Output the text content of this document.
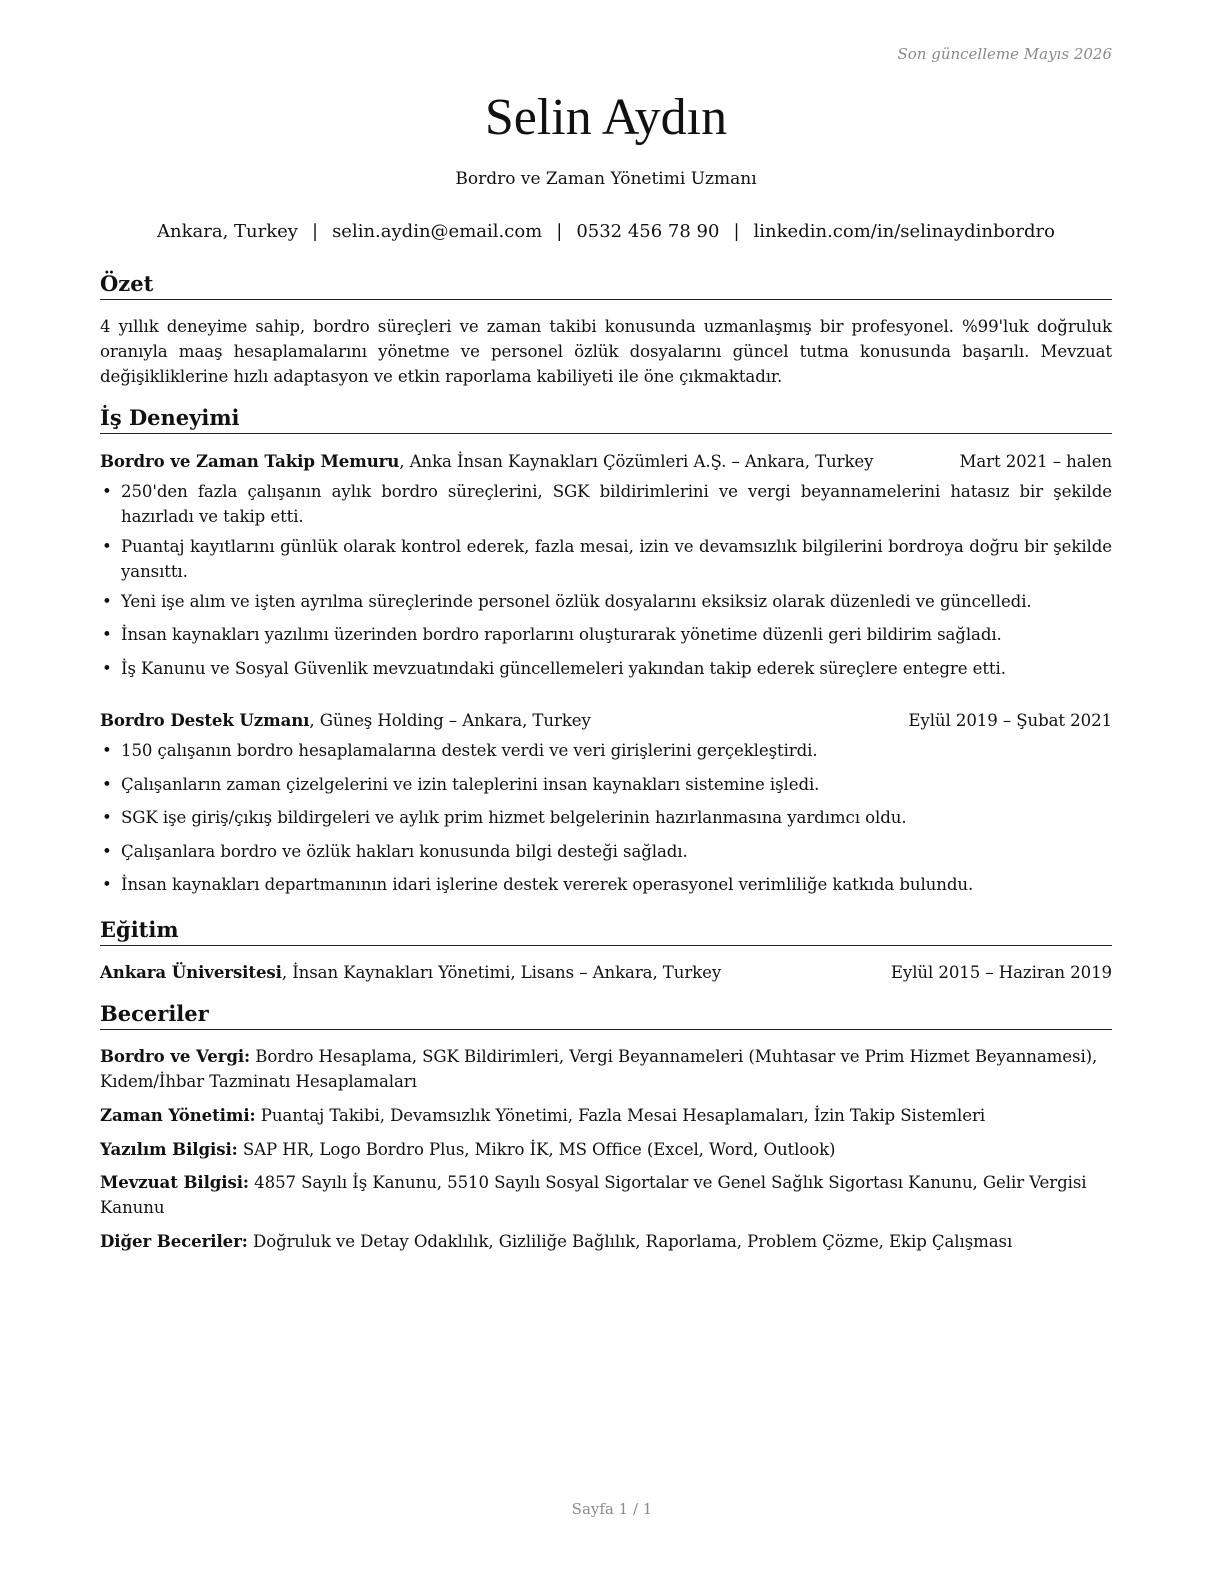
Son güncelleme Mayıs 2026
Selin Aydın
Bordro ve Zaman Yönetimi Uzmanı
Ankara, Turkey | selin.aydin@email.com | 0532 456 78 90 | linkedin.com/in/selinaydinbordro
Özet
4 yıllık deneyime sahip, bordro süreçleri ve zaman takibi konusunda uzmanlaşmış bir profesyonel. %99'luk doğruluk oranıyla maaş hesaplamalarını yönetme ve personel özlük dosyalarını güncel tutma konusunda başarılı. Mevzuat değişikliklerine hızlı adaptasyon ve etkin raporlama kabiliyeti ile öne çıkmaktadır.
İş Deneyimi
Bordro ve Zaman Takip Memuru, Anka İnsan Kaynakları Çözümleri A.Ş. – Ankara, Turkey	Mart 2021 – halen
• 250'den fazla çalışanın aylık bordro süreçlerini, SGK bildirimlerini ve vergi beyannamelerini hatasız bir şekilde hazırladı ve takip etti.
• Puantaj kayıtlarını günlük olarak kontrol ederek, fazla mesai, izin ve devamsızlık bilgilerini bordroya doğru bir şekilde yansıttı.
• Yeni işe alım ve işten ayrılma süreçlerinde personel özlük dosyalarını eksiksiz olarak düzenledi ve güncelledi.
• İnsan kaynakları yazılımı üzerinden bordro raporlarını oluşturarak yönetime düzenli geri bildirim sağladı.
• İş Kanunu ve Sosyal Güvenlik mevzuatındaki güncellemeleri yakından takip ederek süreçlere entegre etti.
Bordro Destek Uzmanı, Güneş Holding – Ankara, Turkey	Eylül 2019 – Şubat 2021
• 150 çalışanın bordro hesaplamalarına destek verdi ve veri girişlerini gerçekleştirdi.
• Çalışanların zaman çizelgelerini ve izin taleplerini insan kaynakları sistemine işledi.
• SGK işe giriş/çıkış bildirgeleri ve aylık prim hizmet belgelerinin hazırlanmasına yardımcı oldu.
• Çalışanlara bordro ve özlük hakları konusunda bilgi desteği sağladı.
• İnsan kaynakları departmanının idari işlerine destek vererek operasyonel verimliliğe katkıda bulundu.
Eğitim
Ankara Üniversitesi, İnsan Kaynakları Yönetimi, Lisans – Ankara, Turkey	Eylül 2015 – Haziran 2019
Beceriler
Bordro ve Vergi: Bordro Hesaplama, SGK Bildirimleri, Vergi Beyannameleri (Muhtasar ve Prim Hizmet Beyannamesi), Kıdem/İhbar Tazminatı Hesaplamaları
Zaman Yönetimi: Puantaj Takibi, Devamsızlık Yönetimi, Fazla Mesai Hesaplamaları, İzin Takip Sistemleri
Yazılım Bilgisi: SAP HR, Logo Bordro Plus, Mikro İK, MS Office (Excel, Word, Outlook)
Mevzuat Bilgisi: 4857 Sayılı İş Kanunu, 5510 Sayılı Sosyal Sigortalar ve Genel Sağlık Sigortası Kanunu, Gelir Vergisi Kanunu
Diğer Beceriler: Doğruluk ve Detay Odaklılık, Gizliliğe Bağlılık, Raporlama, Problem Çözme, Ekip Çalışması
Sayfa 1 / 1
